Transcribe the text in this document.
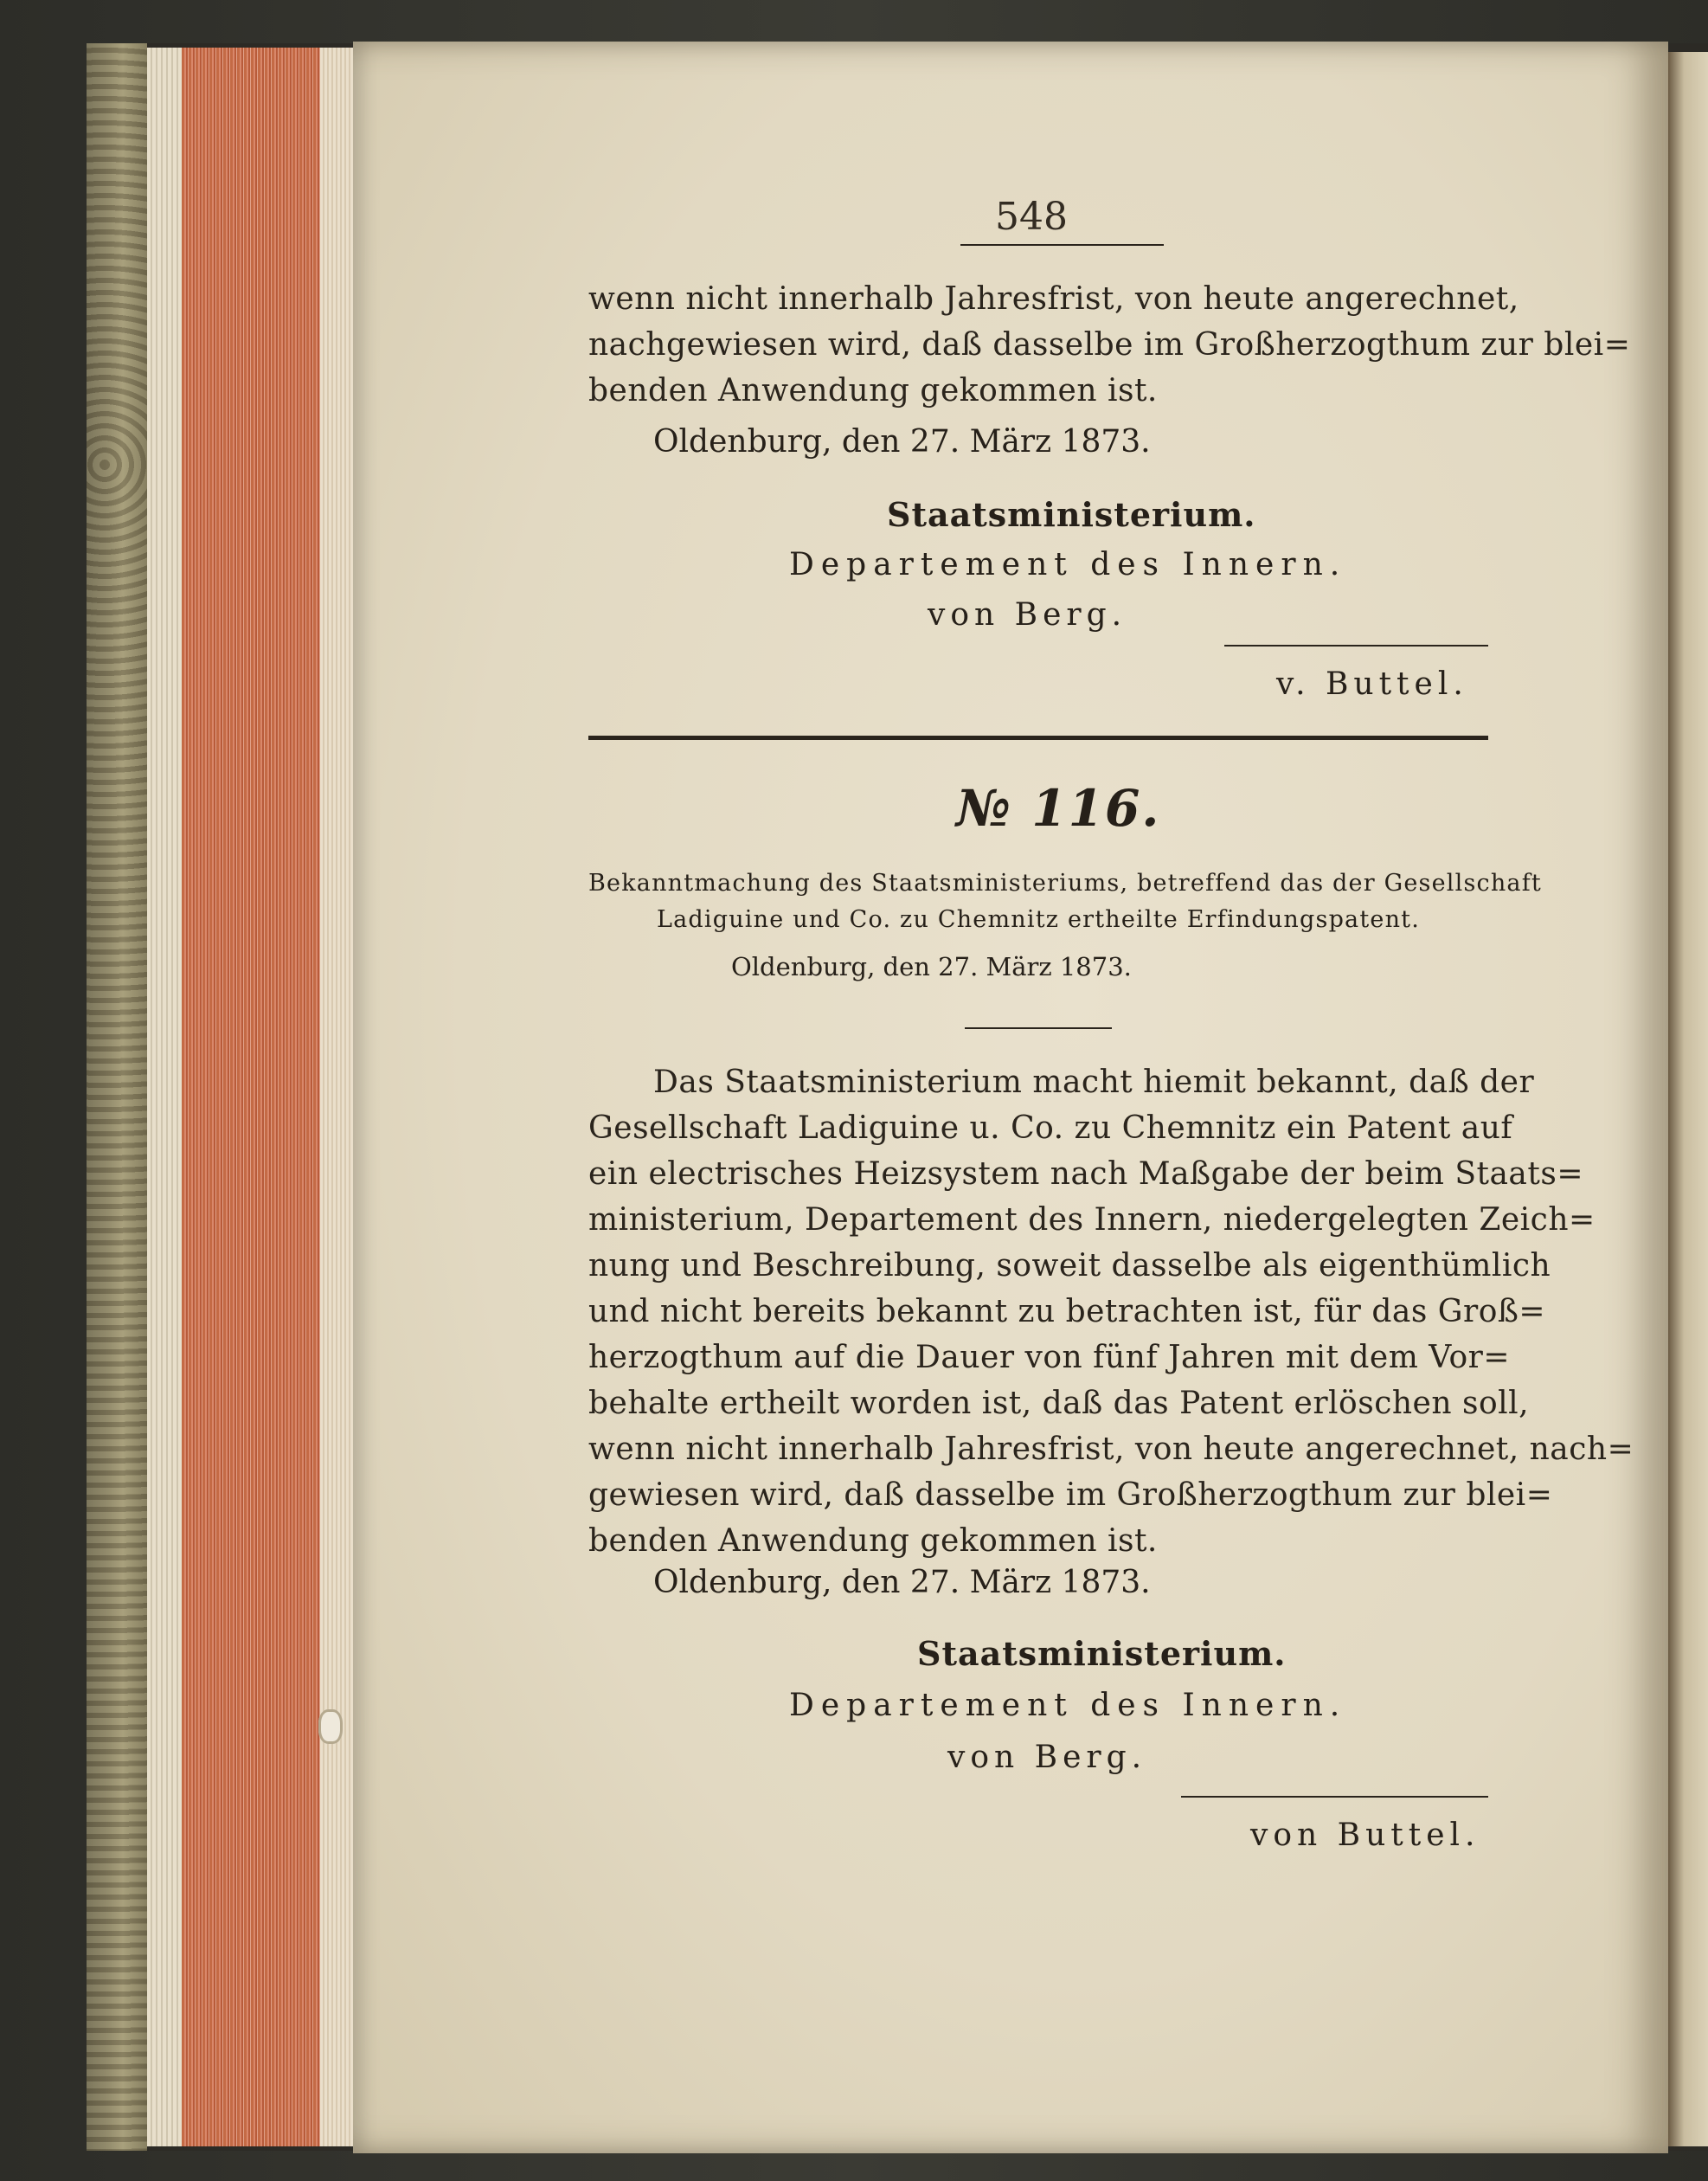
548
wenn nicht innerhalb Jahresfrist, von heute angerechnet,
nachgewiesen wird, daß dasselbe im Großherzogthum zur blei=
benden Anwendung gekommen ist.
Oldenburg, den 27. März 1873.
Staatsministerium.
Departement des Innern.
von Berg.
v. Buttel.
№ 116.
Bekanntmachung des Staatsministeriums, betreffend das der Gesellschaft
Ladiguine und Co. zu Chemnitz ertheilte Erfindungspatent.
Oldenburg, den 27. März 1873.
Das Staatsministerium macht hiemit bekannt, daß der
Gesellschaft Ladiguine u. Co. zu Chemnitz ein Patent auf
ein electrisches Heizsystem nach Maßgabe der beim Staats=
ministerium, Departement des Innern, niedergelegten Zeich=
nung und Beschreibung, soweit dasselbe als eigenthümlich
und nicht bereits bekannt zu betrachten ist, für das Groß=
herzogthum auf die Dauer von fünf Jahren mit dem Vor=
behalte ertheilt worden ist, daß das Patent erlöschen soll,
wenn nicht innerhalb Jahresfrist, von heute angerechnet, nach=
gewiesen wird, daß dasselbe im Großherzogthum zur blei=
benden Anwendung gekommen ist.
Oldenburg, den 27. März 1873.
Staatsministerium.
Departement des Innern.
von Berg.
von Buttel.
